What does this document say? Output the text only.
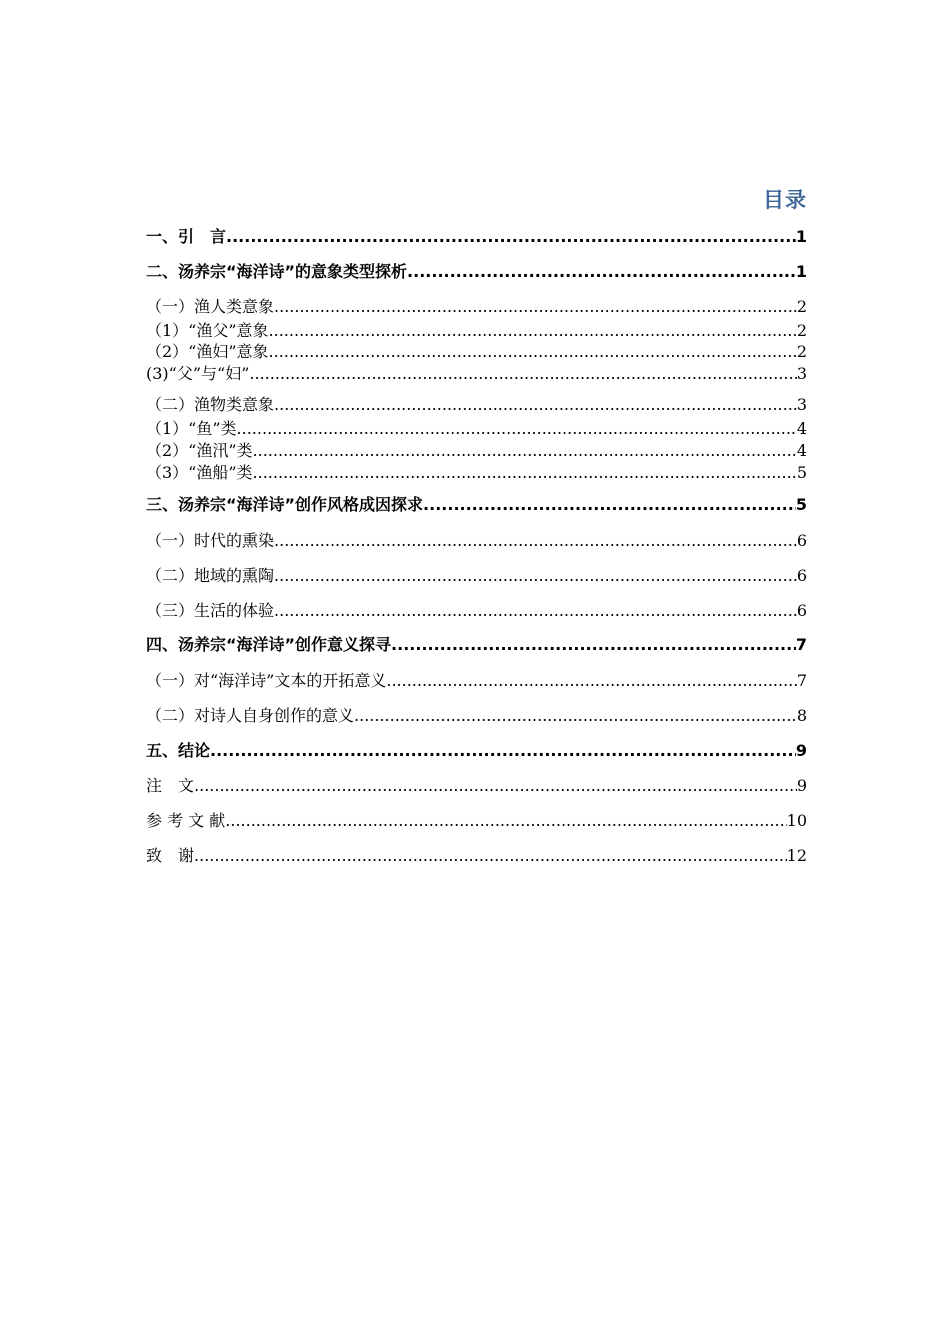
目录
一、引　言 .....	1
二、汤养宗“海洋诗”的意象类型探析 .....	1
（一）渔人类意象 .....	2
（1）“渔父”意象 .....	2
（2）“渔妇”意象 .....	2
(3)“父”与“妇” .....	3
（二）渔物类意象 .....	3
（1）“鱼”类 .....	4
（2）“渔汛”类 .....	4
（3）“渔船”类 .....	5
三、汤养宗“海洋诗”创作风格成因探求 .....	5
（一）时代的熏染 .....	6
（二）地域的熏陶 .....	6
（三）生活的体验 .....	6
四、汤养宗“海洋诗”创作意义探寻 .....	7
（一）对“海洋诗”文本的开拓意义 .....	7
（二）对诗人自身创作的意义 .....	8
五、结论 .....	9
注　文 .....	9
参 考 文 献 .....	10
致　谢 .....	12
